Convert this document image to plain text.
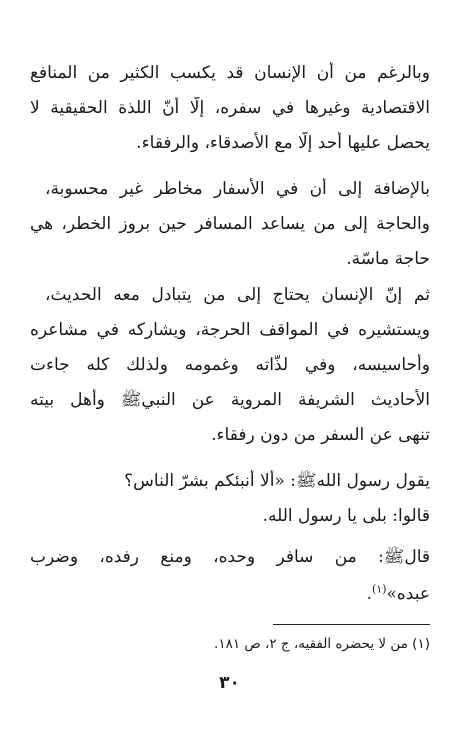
وبالرغم من أن الإنسان قد يكسب الكثير من المنافع
الاقتصادية وغيرها في سفره، إلّا أنّ اللذة الحقيقية لا
يحصل عليها أحد إلّا مع الأصدقاء، والرفقاء.
بالإضافة إلى أن في الأسفار مخاطر غير محسوبة،
والحاجة إلى من يساعد المسافر حين بروز الخطر، هي
حاجة ماسّة.
ثم إنّ الإنسان يحتاج إلى من يتبادل معه الحديث،
ويستشيره في المواقف الحرجة، ويشاركه في مشاعره
وأحاسيسه، وفي لذّاته وغمومه ولذلك كله جاءت
الأحاديث الشريفة المروية عن النبيﷺ وأهل بيته
تنهى عن السفر من دون رفقاء.
يقول رسول اللهﷺ: «ألا أنبئكم بشرّ الناس؟
قالوا: بلى يا رسول الله.
قالﷺ: من سافر وحده، ومنع رفده، وضرب
عبده»$^{(١)}$.
(١) من لا يحضره الفقيه، ج ٢، ص ١٨١.
٣٠
